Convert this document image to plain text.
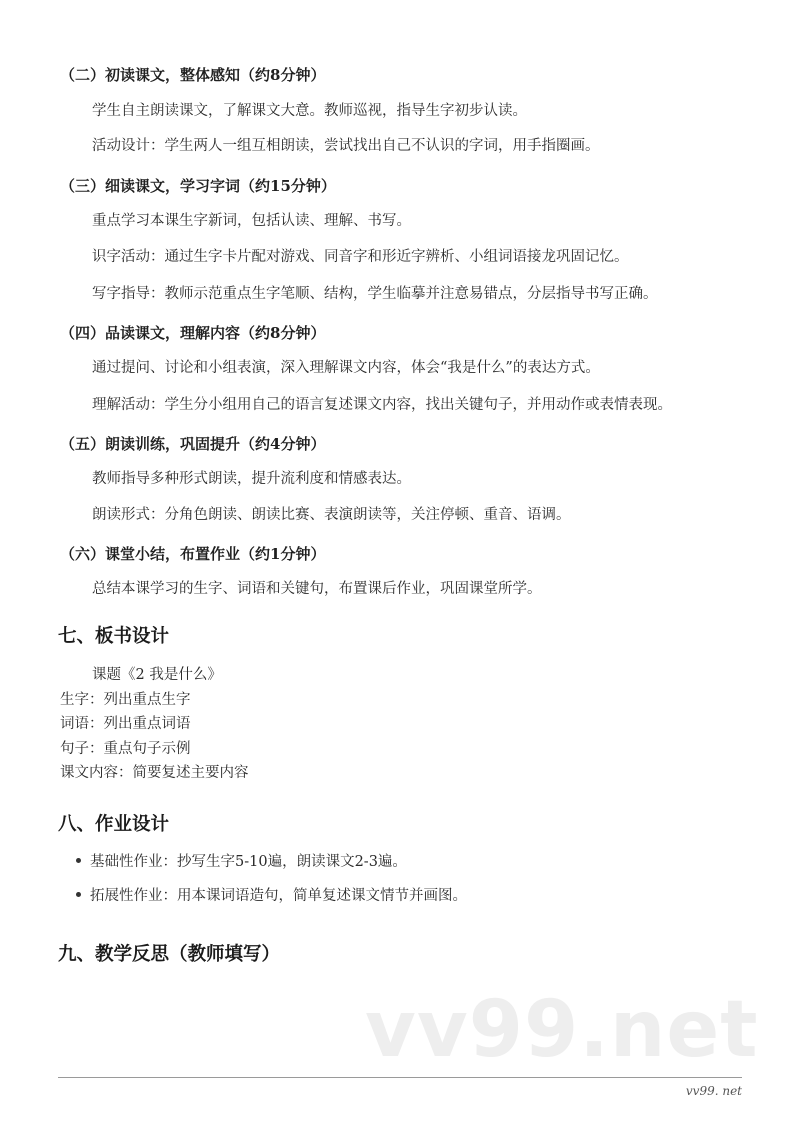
（二）初读课文，整体感知（约8分钟）
学生自主朗读课文，了解课文大意。教师巡视，指导生字初步认读。
活动设计：学生两人一组互相朗读，尝试找出自己不认识的字词，用手指圈画。
（三）细读课文，学习字词（约15分钟）
重点学习本课生字新词，包括认读、理解、书写。
识字活动：通过生字卡片配对游戏、同音字和形近字辨析、小组词语接龙巩固记忆。
写字指导：教师示范重点生字笔顺、结构，学生临摹并注意易错点，分层指导书写正确。
（四）品读课文，理解内容（约8分钟）
通过提问、讨论和小组表演，深入理解课文内容，体会“我是什么”的表达方式。
理解活动：学生分小组用自己的语言复述课文内容，找出关键句子，并用动作或表情表现。
（五）朗读训练，巩固提升（约4分钟）
教师指导多种形式朗读，提升流利度和情感表达。
朗读形式：分角色朗读、朗读比赛、表演朗读等，关注停顿、重音、语调。
（六）课堂小结，布置作业（约1分钟）
总结本课学习的生字、词语和关键句，布置课后作业，巩固课堂所学。
七、板书设计
课题《2 我是什么》
生字：列出重点生字
词语：列出重点词语
句子：重点句子示例
课文内容：简要复述主要内容
八、作业设计
基础性作业：抄写生字5-10遍，朗读课文2-3遍。
拓展性作业：用本课词语造句，简单复述课文情节并画图。
九、教学反思（教师填写）
vv99.net
vv99. net
